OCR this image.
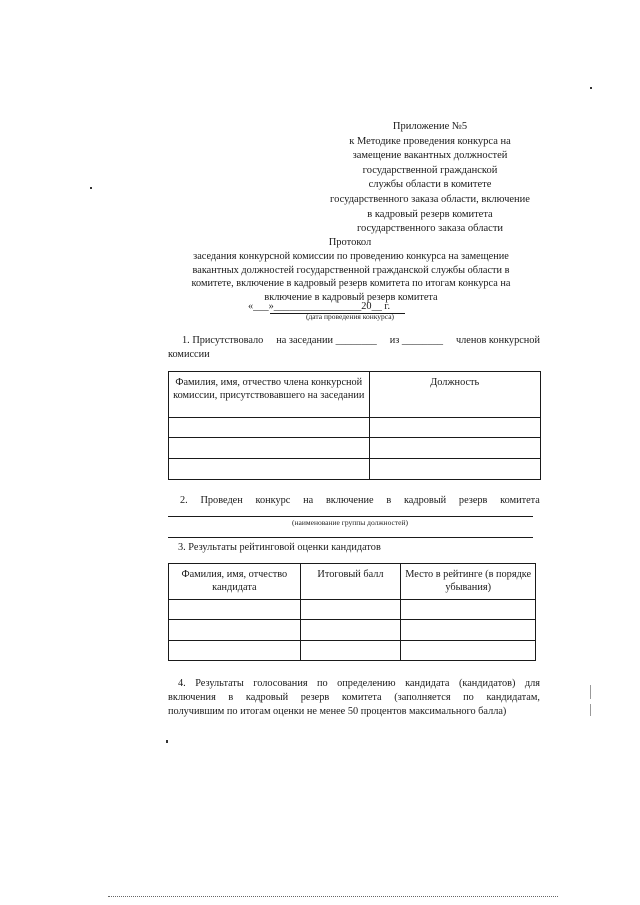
Приложение №5
к Методике проведения конкурса на
замещение вакантных должностей
государственной гражданской
службы области в комитете
государственного заказа области, включение
в кадровый резерв комитета
государственного заказа области
Протокол
заседания конкурсной комиссии по проведению конкурса на замещение
вакантных должностей государственной гражданской службы области в
комитете, включение в кадровый резерв комитета по итогам конкурса на
включение в кадровый резерв комитета
«___»_________________20__ г.
(дата проведения конкурса)
1. Присутствовало на заседании ________ из ________ членов конкурсной
комиссии
Фамилия, имя, отчество члена конкурсной комиссии, присутствовавшего на заседании	Должность

2. Проведен конкурс на включение в кадровый резерв комитета
(наименование группы должностей)
3. Результаты рейтинговой оценки кандидатов
Фамилия, имя, отчество кандидата	Итоговый балл	Место в рейтинге (в порядке убывания)

4. Результаты голосования по определению кандидата (кандидатов) для
включения в кадровый резерв комитета (заполняется по кандидатам,
получившим по итогам оценки не менее 50 процентов максимального балла)
